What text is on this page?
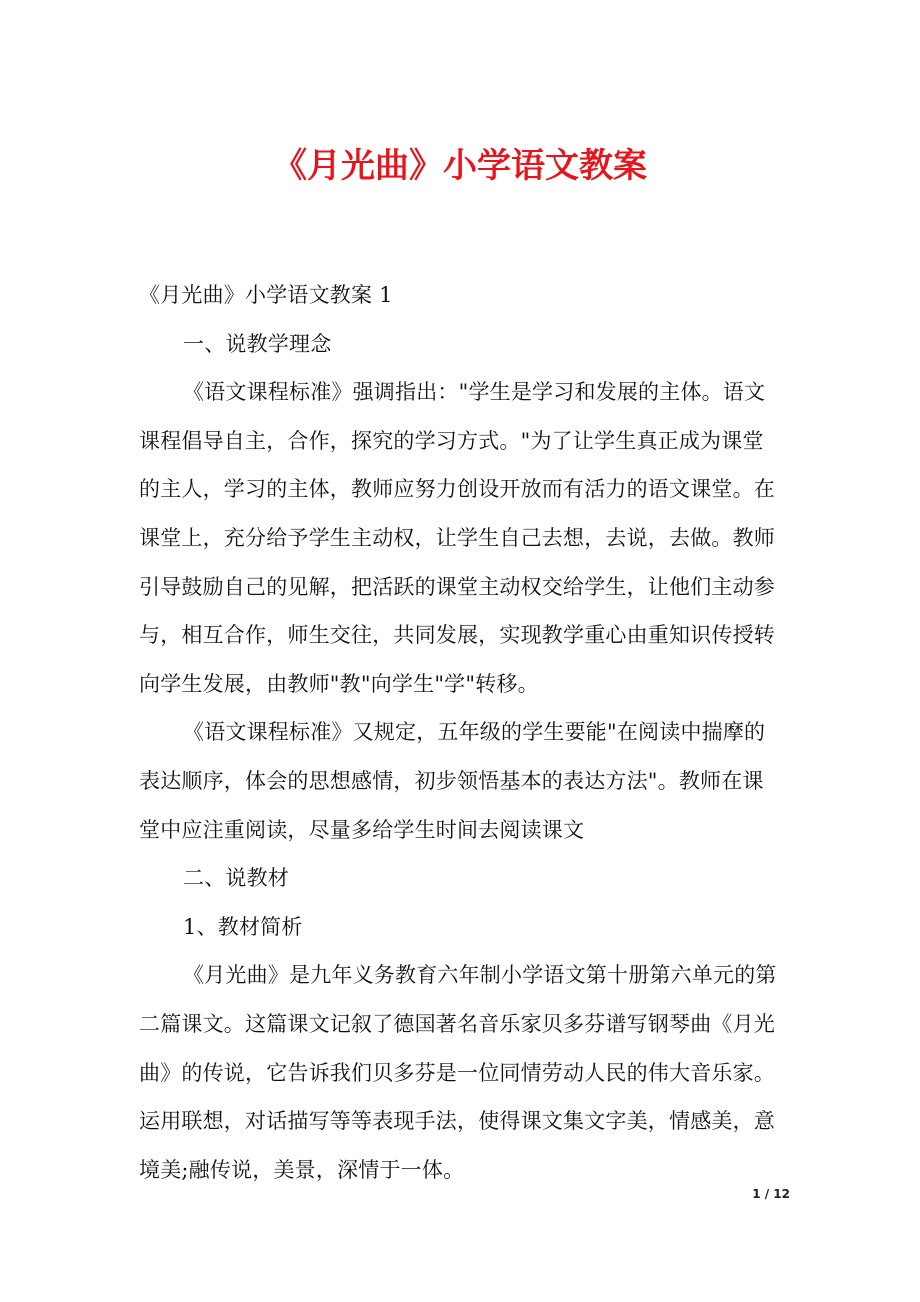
《月光曲》小学语文教案
《月光曲》小学语文教案 1
一、说教学理念
《语文课程标准》强调指出："学生是学习和发展的主体。语文
课程倡导自主，合作，探究的学习方式。"为了让学生真正成为课堂
的主人，学习的主体，教师应努力创设开放而有活力的语文课堂。在
课堂上，充分给予学生主动权，让学生自己去想，去说，去做。教师
引导鼓励自己的见解，把活跃的课堂主动权交给学生，让他们主动参
与，相互合作，师生交往，共同发展，实现教学重心由重知识传授转
向学生发展，由教师"教"向学生"学"转移。
《语文课程标准》又规定，五年级的学生要能"在阅读中揣摩的
表达顺序，体会的思想感情，初步领悟基本的表达方法"。教师在课
堂中应注重阅读，尽量多给学生时间去阅读课文
二、说教材
1、教材简析
《月光曲》是九年义务教育六年制小学语文第十册第六单元的第
二篇课文。这篇课文记叙了德国著名音乐家贝多芬谱写钢琴曲《月光
曲》的传说，它告诉我们贝多芬是一位同情劳动人民的伟大音乐家。
运用联想，对话描写等等表现手法，使得课文集文字美，情感美，意
境美;融传说，美景，深情于一体。
1 / 12
